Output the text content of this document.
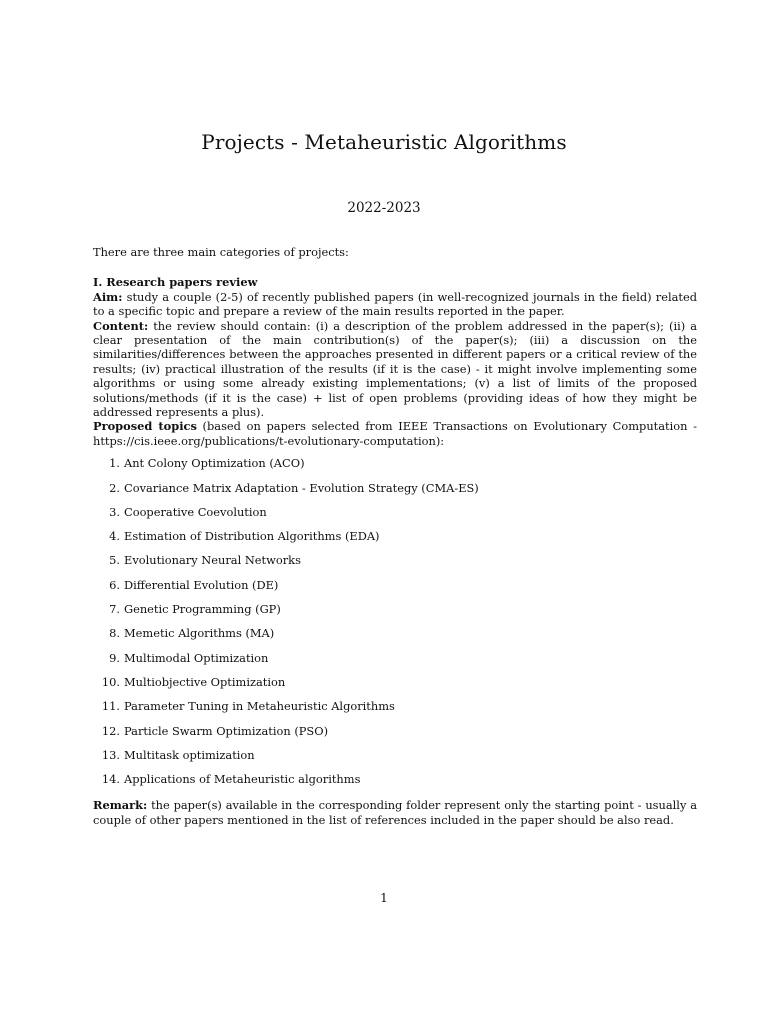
Projects - Metaheuristic Algorithms
2022-2023

There are three main categories of projects:

I. Research papers review

Aim: study a couple (2-5) of recently published papers (in well-recognized journals in the field) related to a specific topic and prepare a review of the main results reported in the paper.

Content: the review should contain: (i) a description of the problem addressed in the paper(s); (ii) a clear presentation of the main contribution(s) of the paper(s); (iii) a discussion on the similarities/differences between the approaches presented in different papers or a critical review of the results; (iv) practical illustration of the results (if it is the case) - it might involve implementing some algorithms or using some already existing implementations; (v) a list of limits of the proposed solutions/methods (if it is the case) + list of open problems (providing ideas of how they might be addressed represents a plus).

Proposed topics (based on papers selected from IEEE Transactions on Evolutionary Computation - https://cis.ieee.org/publications/t-evolutionary-computation):

1. Ant Colony Optimization (ACO)
2. Covariance Matrix Adaptation - Evolution Strategy (CMA-ES)
3. Cooperative Coevolution
4. Estimation of Distribution Algorithms (EDA)
5. Evolutionary Neural Networks
6. Differential Evolution (DE)
7. Genetic Programming (GP)
8. Memetic Algorithms (MA)
9. Multimodal Optimization
10. Multiobjective Optimization
11. Parameter Tuning in Metaheuristic Algorithms
12. Particle Swarm Optimization (PSO)
13. Multitask optimization
14. Applications of Metaheuristic algorithms

Remark: the paper(s) available in the corresponding folder represent only the starting point - usually a couple of other papers mentioned in the list of references included in the paper should be also read.

1
